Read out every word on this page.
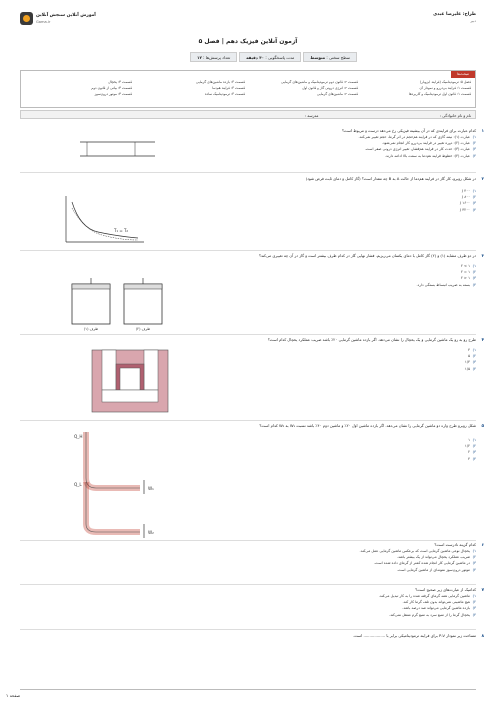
آموزش آنلاین سنجش آنلاین
Gama.ir
طراح: علیرضا عبدی
دبیر
آزمون آنلاین فیزیک دهم | فصل ۵
سطح سختی : متوسط
مدت پاسخگویی : ۴۰ دقیقه
تعداد پرسش‌ها : ۱۲
مبحث‌ها
فصل ۵: ترمودینامیک (فرایند ایزوبار)
قسمت ۲: قانون دوم ترمودینامیک و ماشین‌های گرمایی
قسمت ۳: بازده ماشین‌های گرمایی
قسمت ۴: یخچال
قسمت ۱: فرایند بی‌دررو و نمودار آن
قسمت ۲: انرژی درونی گاز و قانون اول
قسمت ۳: فرایند هم‌دما
قسمت ۴: بیانی از قانون دوم
قسمت ۱: قانون اول ترمودینامیک و کاربردها
قسمت ۲: ماشین‌های گرمایی
قسمت ۳: ترمودینامیک ساده
قسمت ۴: موتور درون‌سوز
نام و نام خانوادگی : مدرسه :
۱
کدام عبارت برای فرایندی که در آن بیشینه فیزیکی رخ می‌دهد درست و مربوط است؟
۱)
عبارت (۱): نیمه‌ گازی که در فرایند هم‌حجم در اثر گرما، حجم تغییر نمی‌کند.
۲)
عبارت (۲): دوره تغییر در فرایند بی‌دررو کار انجام نمی‌شود.
۳)
عبارت (۳): حدت کار در فرایند هم‌فشار، تغییر انرژی درونی صفر است.
۴)
عبارت (۴): خطوط فرایند هم‌دما به سمت بالا ادامه دارند.
۲
در شکل روبرو، کار گاز در فرایند هم‌دما از حالت A به B چه مقدار است؟ (گاز کامل و دمای ثابت فرض شود)
۱)
۴۰۰ J
۲)
۸۰۰ J
۳)
۱۶۰۰ J
۴)
۳۲۰۰ J
T₁ = T₂
۳
در دو ظرف مشابه (۱) و (۲) گاز کامل با دمای یکسان می‌ریزیم. فشار نهایی گاز در کدام ظرف بیشتر است و گاز در آن چه تغییری می‌کند؟
۱)
۱ > ۲
۲)
۱ = ۲
۳)
۱ < ۲
۴)
بسته به ضریب انبساط بستگی دارد.
ظرف (۱)	ظرف (۲)
۴
طرح رو به رو یک ماشین گرمایی و یک یخچال را نشان می‌دهد. اگر بازده ماشین گرمایی ۲۰٪ باشد ضریب عملکرد یخچال کدام است؟
۱)
۴
۲)
۵
۳)
۱/۴
۴)
۱/۵
۵
شکل روبرو طرح واره دو ماشین گرمایی را نشان می‌دهد. اگر بازده ماشین اول ۲۰٪ و ماشین دوم ۴۰٪ باشد نسبت W₁ به W₂ کدام است؟
۱)
۱
۲)
۱/۲
۳)
۲
۴)
۴
Q_H
Q_L
W₁
W₂
۶
کدام گزینه نادرست است؟
۱)
یخچال نوعی ماشین گرمایی است که برعکس ماشین گرمایی عمل می‌کند.
۲)
ضریب عملکرد یخچال می‌تواند از یک بیشتر باشد.
۳)
در ماشین گرمایی کار انجام شده کمتر از گرمای داده شده است.
۴)
موتور درون‌سوز نمونه‌ای از ماشین گرمایی است.
۷
کدامیک از عبارت‌های زیر صحیح است؟
۱)
ماشین گرمایی همه گرمای گرفته شده را به کار تبدیل می‌کند.
۲)
هیچ ماشینی نمی‌تواند بدون تلف گرما کار کند.
۳)
بازده ماشین گرمایی می‌تواند صد درصد باشد.
۴)
یخچال گرما را از منبع سرد به منبع گرم منتقل نمی‌کند.
۸
مساحت زیر نمودار P-V برای فرایند ترمودینامیکی برابر با .................. است.
صفحه ۱
